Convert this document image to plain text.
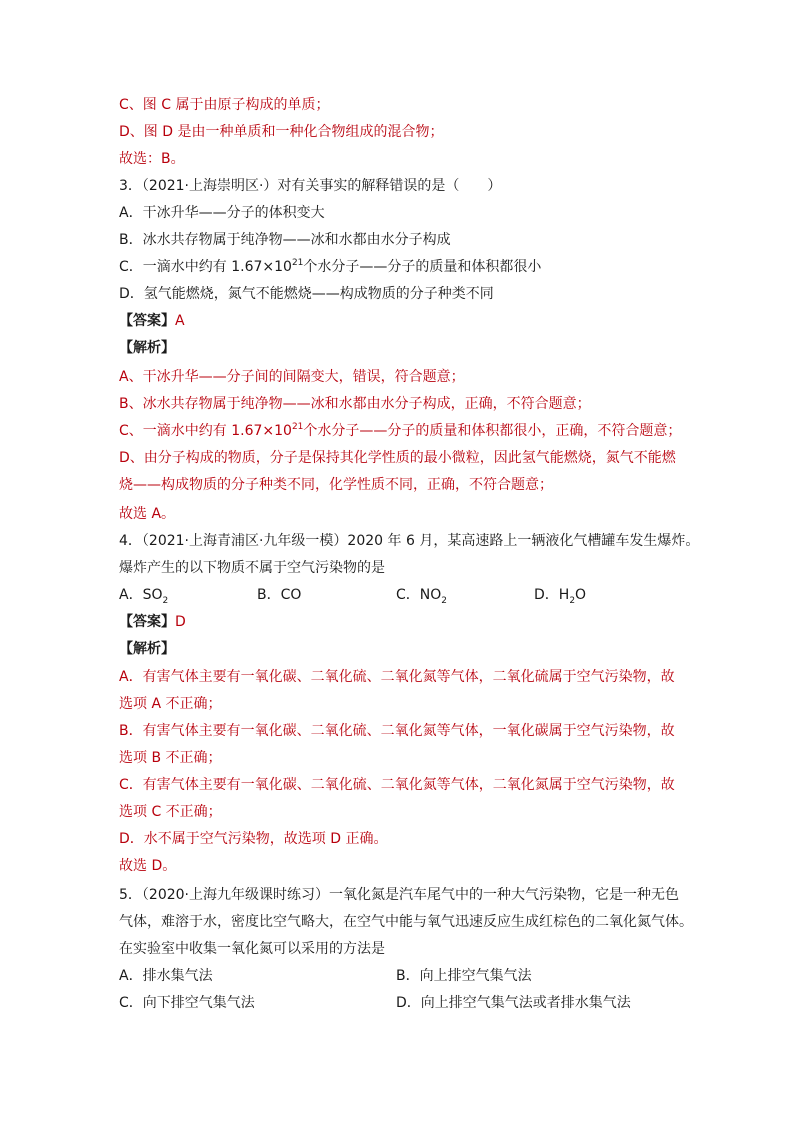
C、图 C 属于由原子构成的单质；
D、图 D 是由一种单质和一种化合物组成的混合物；
故选：B。
3．（2021·上海崇明区·）对有关事实的解释错误的是（　　）
A．干冰升华——分子的体积变大
B．冰水共存物属于纯净物——冰和水都由水分子构成
C．一滴水中约有 $1.67\times 10^{21}$个水分子——分子的质量和体积都很小
D．氢气能燃烧，氮气不能燃烧——构成物质的分子种类不同
【答案】A
【解析】
A、干冰升华——分子间的间隔变大，错误，符合题意；
B、冰水共存物属于纯净物——冰和水都由水分子构成，正确，不符合题意；
C、一滴水中约有 $1.67\times 10^{21}$个水分子——分子的质量和体积都很小，正确，不符合题意；
D、由分子构成的物质，分子是保持其化学性质的最小微粒，因此氢气能燃烧，氮气不能燃
烧——构成物质的分子种类不同，化学性质不同，正确，不符合题意；
故选 A。
4．（2021·上海青浦区·九年级一模）2020 年 6 月，某高速路上一辆液化气槽罐车发生爆炸。
爆炸产生的以下物质不属于空气污染物的是
A．$SO_2$	B．CO	C．$NO_2$	D．$H_2O$
【答案】D
【解析】
A．有害气体主要有一氧化碳、二氧化硫、二氧化氮等气体，二氧化硫属于空气污染物，故
选项 A 不正确；
B．有害气体主要有一氧化碳、二氧化硫、二氧化氮等气体，一氧化碳属于空气污染物，故
选项 B 不正确；
C．有害气体主要有一氧化碳、二氧化硫、二氧化氮等气体，二氧化氮属于空气污染物，故
选项 C 不正确；
D．水不属于空气污染物，故选项 D 正确。
故选 D。
5．（2020·上海九年级课时练习）一氧化氮是汽车尾气中的一种大气污染物，它是一种无色
气体，难溶于水，密度比空气略大，在空气中能与氧气迅速反应生成红棕色的二氧化氮气体。
在实验室中收集一氧化氮可以采用的方法是
A．排水集气法	B．向上排空气集气法
C．向下排空气集气法	D．向上排空气集气法或者排水集气法
